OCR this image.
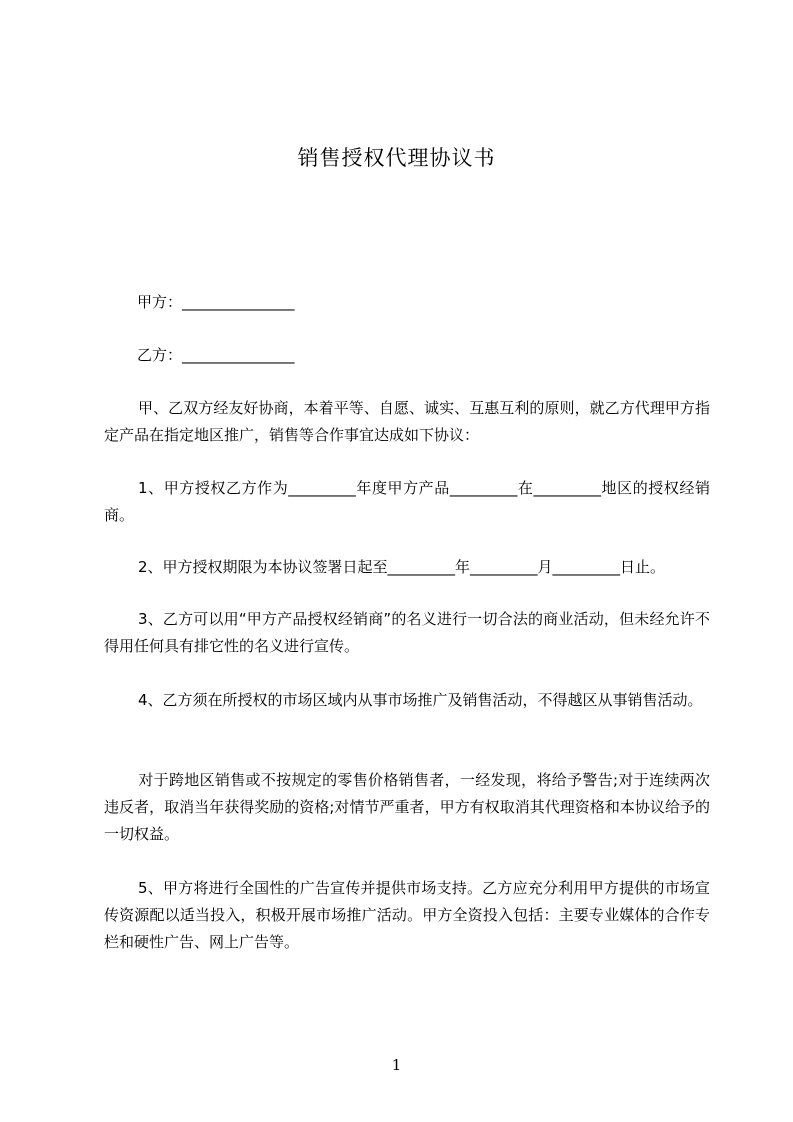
销售授权代理协议书
甲方：_______________
乙方：_______________
甲、乙双方经友好协商，本着平等、自愿、诚实、互惠互利的原则，就乙方代理甲方指定产品在指定地区推广，销售等合作事宜达成如下协议：
1、甲方授权乙方作为_________年度甲方产品_________在_________地区的授权经销商。
2、甲方授权期限为本协议签署日起至_________年_________月_________日止。
3、乙方可以用“甲方产品授权经销商”的名义进行一切合法的商业活动，但未经允许不得用任何具有排它性的名义进行宣传。
4、乙方须在所授权的市场区域内从事市场推广及销售活动，不得越区从事销售活动。
对于跨地区销售或不按规定的零售价格销售者，一经发现，将给予警告;对于连续两次违反者，取消当年获得奖励的资格;对情节严重者，甲方有权取消其代理资格和本协议给予的一切权益。
5、甲方将进行全国性的广告宣传并提供市场支持。乙方应充分利用甲方提供的市场宣传资源配以适当投入，积极开展市场推广活动。甲方全资投入包括：主要专业媒体的合作专栏和硬性广告、网上广告等。
1
